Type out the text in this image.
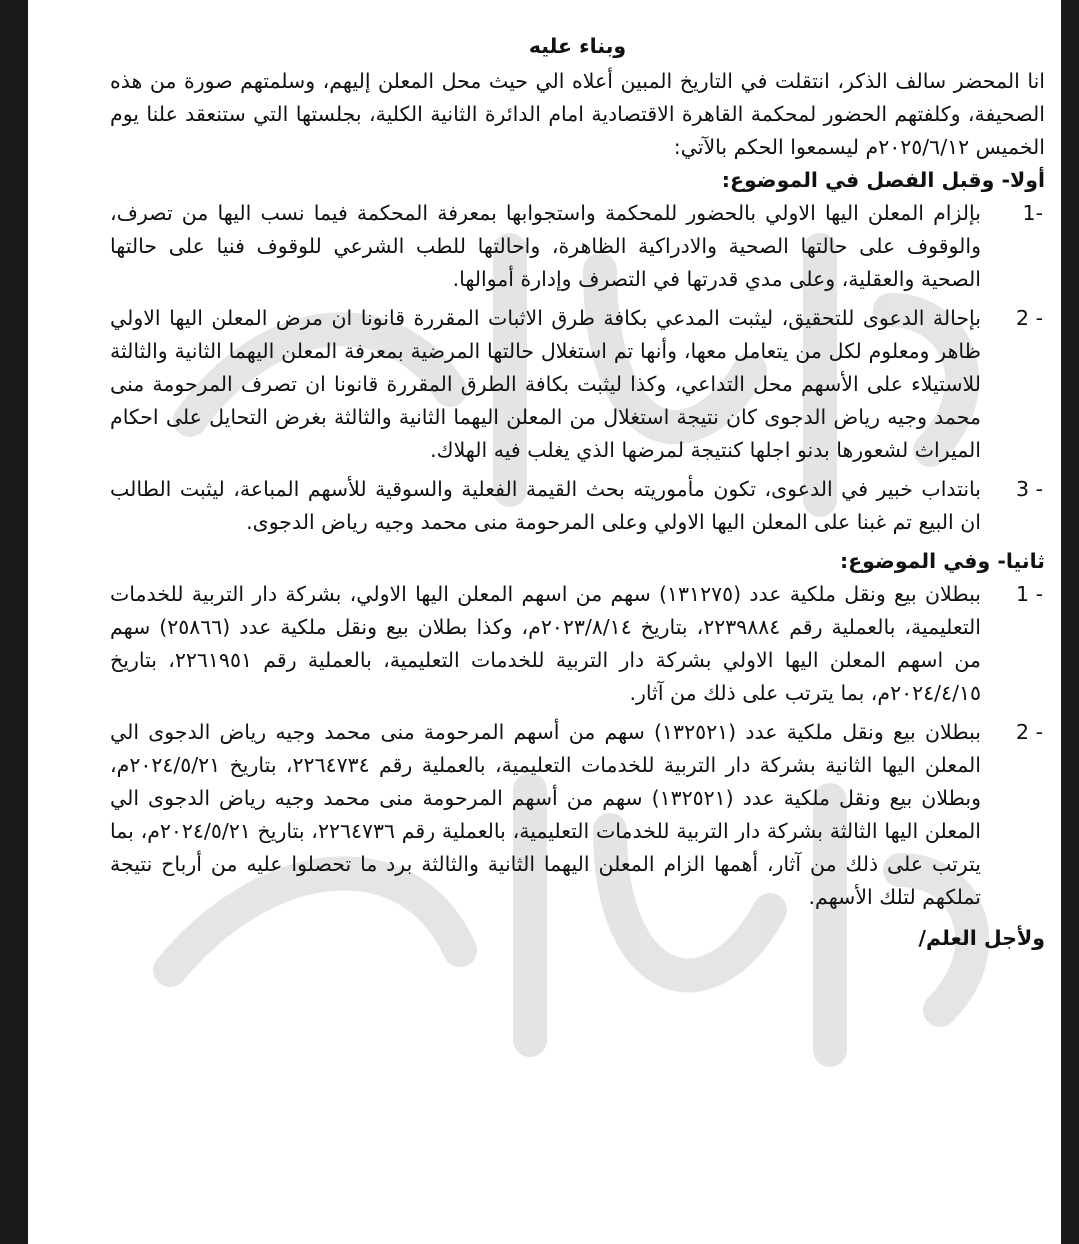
وبناء عليه

انا المحضر سالف الذكر، انتقلت في التاريخ المبين أعلاه الي حيث محل المعلن إليهم، وسلمتهم صورة من هذه الصحيفة، وكلفتهم الحضور لمحكمة القاهرة الاقتصادية امام الدائرة الثانية الكلية، بجلستها التي ستنعقد علنا يوم الخميس ٢٠٢٥/٦/١٢م ليسمعوا الحكم بالآتي:

أولا- وقبل الفصل في الموضوع:

1-
بإلزام المعلن اليها الاولي بالحضور للمحكمة واستجوابها بمعرفة المحكمة فيما نسب اليها من تصرف، والوقوف على حالتها الصحية والادراكية الظاهرة، واحالتها للطب الشرعي للوقوف فنيا على حالتها الصحية والعقلية، وعلى مدي قدرتها في التصرف وإدارة أموالها.
2 -
بإحالة الدعوى للتحقيق، ليثبت المدعي بكافة طرق الاثبات المقررة قانونا ان مرض المعلن اليها الاولي ظاهر ومعلوم لكل من يتعامل معها، وأنها تم استغلال حالتها المرضية بمعرفة المعلن اليهما الثانية والثالثة للاستيلاء على الأسهم محل التداعي، وكذا ليثبت بكافة الطرق المقررة قانونا ان تصرف المرحومة منى محمد وجيه رياض الدجوى كان نتيجة استغلال من المعلن اليهما الثانية والثالثة بغرض التحايل على احكام الميراث لشعورها بدنو اجلها كنتيجة لمرضها الذي يغلب فيه الهلاك.
3 -
بانتداب خبير في الدعوى، تكون مأموريته بحث القيمة الفعلية والسوقية للأسهم المباعة، ليثبت الطالب ان البيع تم غبنا على المعلن اليها الاولي وعلى المرحومة منى محمد وجيه رياض الدجوى.

ثانيا- وفي الموضوع:

1 -
ببطلان بيع ونقل ملكية عدد (١٣١٢٧٥) سهم من اسهم المعلن اليها الاولي، بشركة دار التربية للخدمات التعليمية، بالعملية رقم ٢٢٣٩٨٨٤، بتاريخ ٢٠٢٣/٨/١٤م، وكذا بطلان بيع ونقل ملكية عدد (٢٥٨٦٦) سهم من اسهم المعلن اليها الاولي بشركة دار التربية للخدمات التعليمية، بالعملية رقم ٢٢٦١٩٥١، بتاريخ ٢٠٢٤/٤/١٥م، بما يترتب على ذلك من آثار.
2 -
ببطلان بيع ونقل ملكية عدد (١٣٢٥٢١) سهم من أسهم المرحومة منى محمد وجيه رياض الدجوى الي المعلن اليها الثانية بشركة دار التربية للخدمات التعليمية، بالعملية رقم ٢٢٦٤٧٣٤، بتاريخ ٢٠٢٤/٥/٢١م، وبطلان بيع ونقل ملكية عدد (١٣٢٥٢١) سهم من أسهم المرحومة منى محمد وجيه رياض الدجوى الي المعلن اليها الثالثة بشركة دار التربية للخدمات التعليمية، بالعملية رقم ٢٢٦٤٧٣٦، بتاريخ ٢٠٢٤/٥/٢١م، بما يترتب على ذلك من آثار، أهمها الزام المعلن اليهما الثانية والثالثة برد ما تحصلوا عليه من أرباح نتيجة تملكهم لتلك الأسهم.

ولأجل العلم/
